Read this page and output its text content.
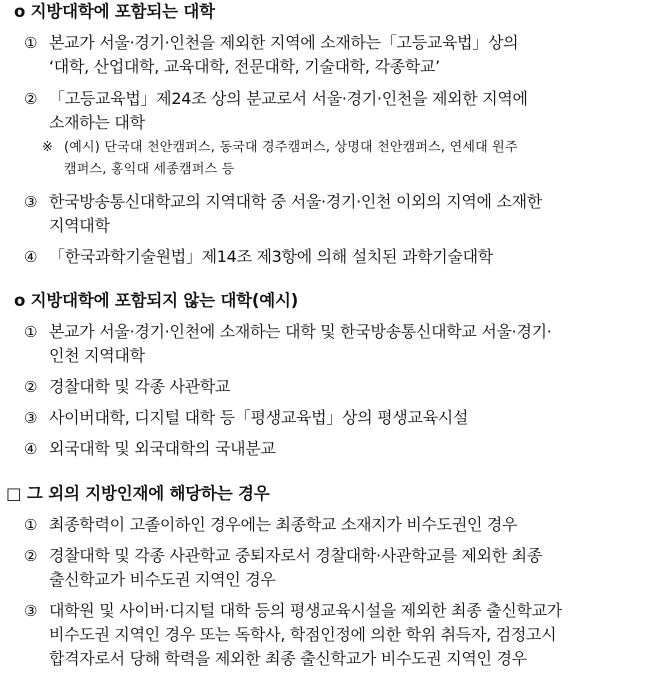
o 지방대학에 포함되는 대학
① 본교가 서울·경기·인천을 제외한 지역에 소재하는「고등교육법」상의
‘대학, 산업대학, 교육대학, 전문대학, 기술대학, 각종학교’
② 「고등교육법」제24조 상의 분교로서 서울·경기·인천을 제외한 지역에
소재하는 대학
※ (예시) 단국대 천안캠퍼스, 동국대 경주캠퍼스, 상명대 천안캠퍼스, 연세대 원주
캠퍼스, 홍익대 세종캠퍼스 등
③ 한국방송통신대학교의 지역대학 중 서울·경기·인천 이외의 지역에 소재한
지역대학
④ 「한국과학기술원법」제14조 제3항에 의해 설치된 과학기술대학
o 지방대학에 포함되지 않는 대학(예시)
① 본교가 서울·경기·인천에 소재하는 대학 및 한국방송통신대학교 서울·경기·
인천 지역대학
② 경찰대학 및 각종 사관학교
③ 사이버대학, 디지털 대학 등「평생교육법」상의 평생교육시설
④ 외국대학 및 외국대학의 국내분교
□ 그 외의 지방인재에 해당하는 경우
① 최종학력이 고졸이하인 경우에는 최종학교 소재지가 비수도권인 경우
② 경찰대학 및 각종 사관학교 중퇴자로서 경찰대학·사관학교를 제외한 최종
출신학교가 비수도권 지역인 경우
③ 대학원 및 사이버·디지털 대학 등의 평생교육시설을 제외한 최종 출신학교가
비수도권 지역인 경우 또는 독학사, 학점인정에 의한 학위 취득자, 검정고시
합격자로서 당해 학력을 제외한 최종 출신학교가 비수도권 지역인 경우
